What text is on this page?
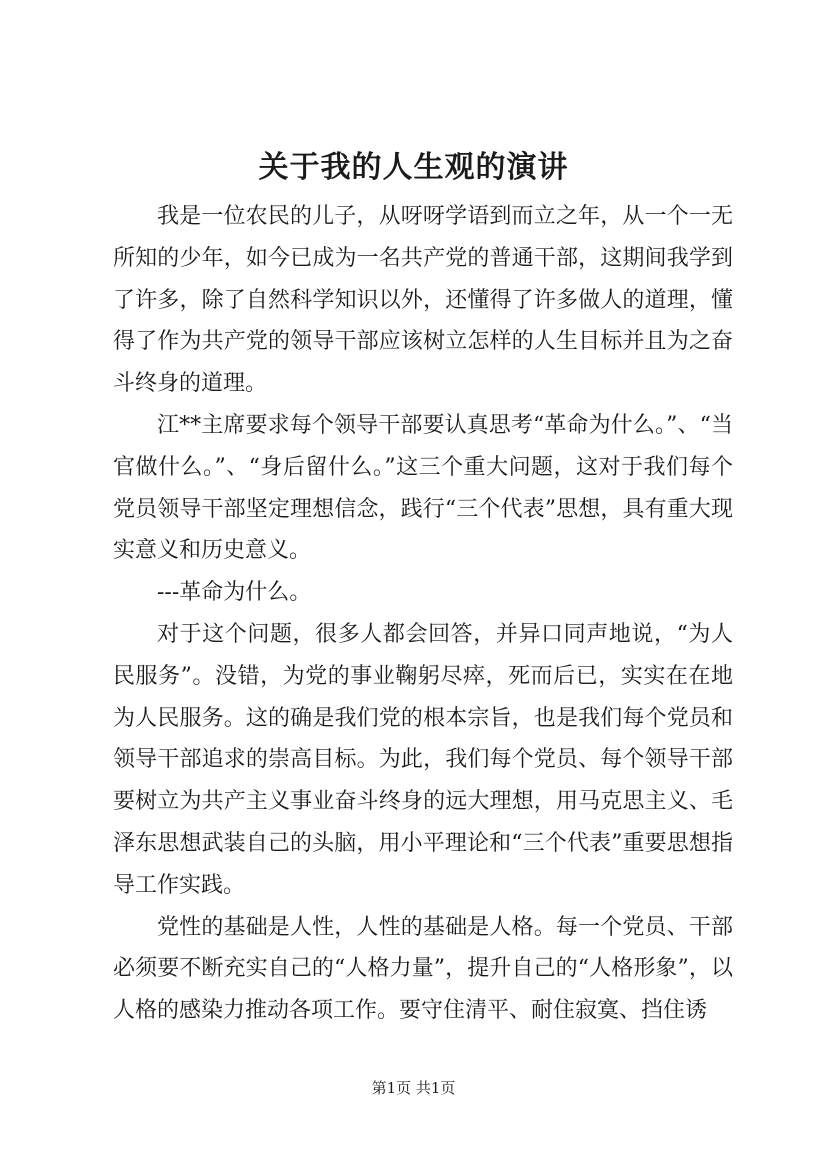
关于我的人生观的演讲

我是一位农民的儿子，从呀呀学语到而立之年，从一个一无所知的少年，如今已成为一名共产党的普通干部，这期间我学到了许多，除了自然科学知识以外，还懂得了许多做人的道理，懂得了作为共产党的领导干部应该树立怎样的人生目标并且为之奋斗终身的道理。

江**主席要求每个领导干部要认真思考“革命为什么。”、“当官做什么。”、“身后留什么。”这三个重大问题，这对于我们每个党员领导干部坚定理想信念，践行“三个代表”思想，具有重大现实意义和历史意义。

---革命为什么。

对于这个问题，很多人都会回答，并异口同声地说，“为人民服务”。没错，为党的事业鞠躬尽瘁，死而后已，实实在在地为人民服务。这的确是我们党的根本宗旨，也是我们每个党员和领导干部追求的崇高目标。为此，我们每个党员、每个领导干部要树立为共产主义事业奋斗终身的远大理想，用马克思主义、毛泽东思想武装自己的头脑，用小平理论和“三个代表”重要思想指导工作实践。

党性的基础是人性，人性的基础是人格。每一个党员、干部必须要不断充实自己的“人格力量”，提升自己的“人格形象”，以人格的感染力推动各项工作。要守住清平、耐住寂寞、挡住诱

第1页 共1页
